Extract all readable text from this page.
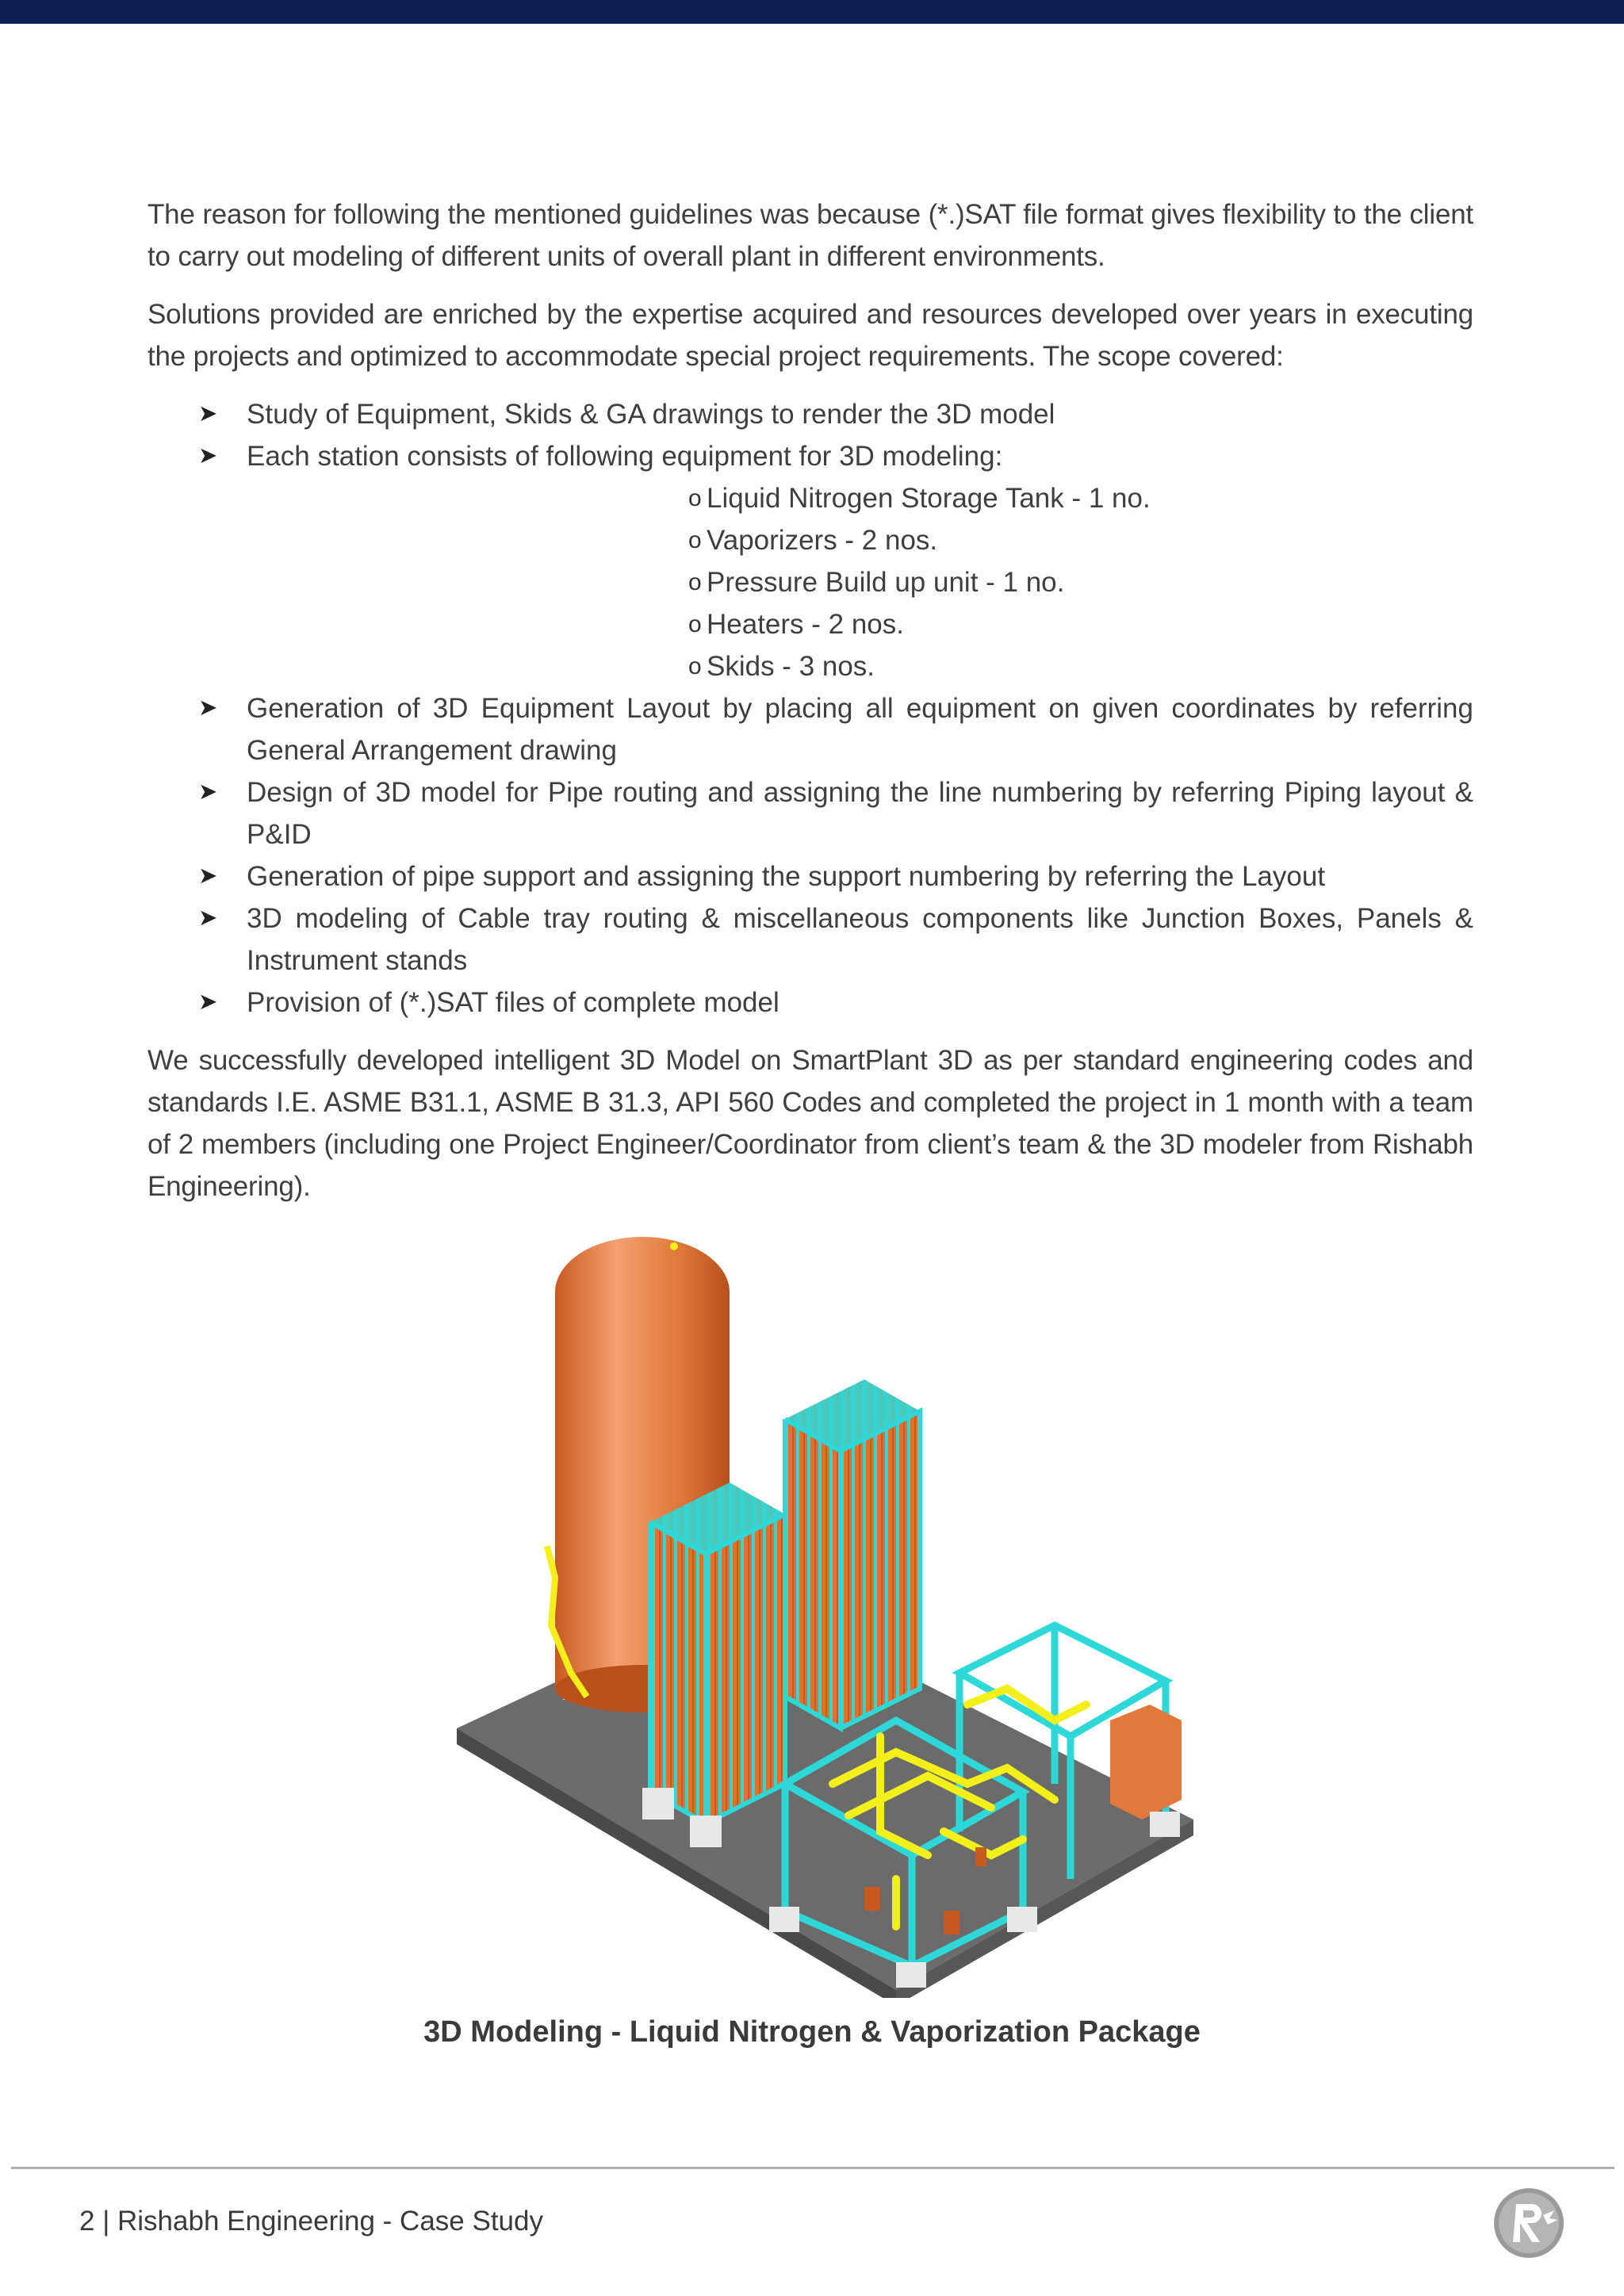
The reason for following the mentioned guidelines was because (*.)SAT file format gives flexibility to the client to carry out modeling of different units of overall plant in different environments.

Solutions provided are enriched by the expertise acquired and resources developed over years in executing the projects and optimized to accommodate special project requirements. The scope covered:

➤ Study of Equipment, Skids & GA drawings to render the 3D model
➤ Each station consists of following equipment for 3D modeling:
o Liquid Nitrogen Storage Tank - 1 no.
o Vaporizers - 2 nos.
o Pressure Build up unit - 1 no.
o Heaters - 2 nos.
o Skids - 3 nos.
➤ Generation of 3D Equipment Layout by placing all equipment on given coordinates by referring General Arrangement drawing
➤ Design of 3D model for Pipe routing and assigning the line numbering by referring Piping layout & P&ID
➤ Generation of pipe support and assigning the support numbering by referring the Layout
➤ 3D modeling of Cable tray routing & miscellaneous components like Junction Boxes, Panels & Instrument stands
➤ Provision of (*.)SAT files of complete model

We successfully developed intelligent 3D Model on SmartPlant 3D as per standard engineering codes and standards I.E. ASME B31.1, ASME B 31.3, API 560 Codes and completed the project in 1 month with a team of 2 members (including one Project Engineer/Coordinator from client’s team & the 3D modeler from Rishabh Engineering).

3D Modeling - Liquid Nitrogen & Vaporization Package
2 | Rishabh Engineering - Case Study
